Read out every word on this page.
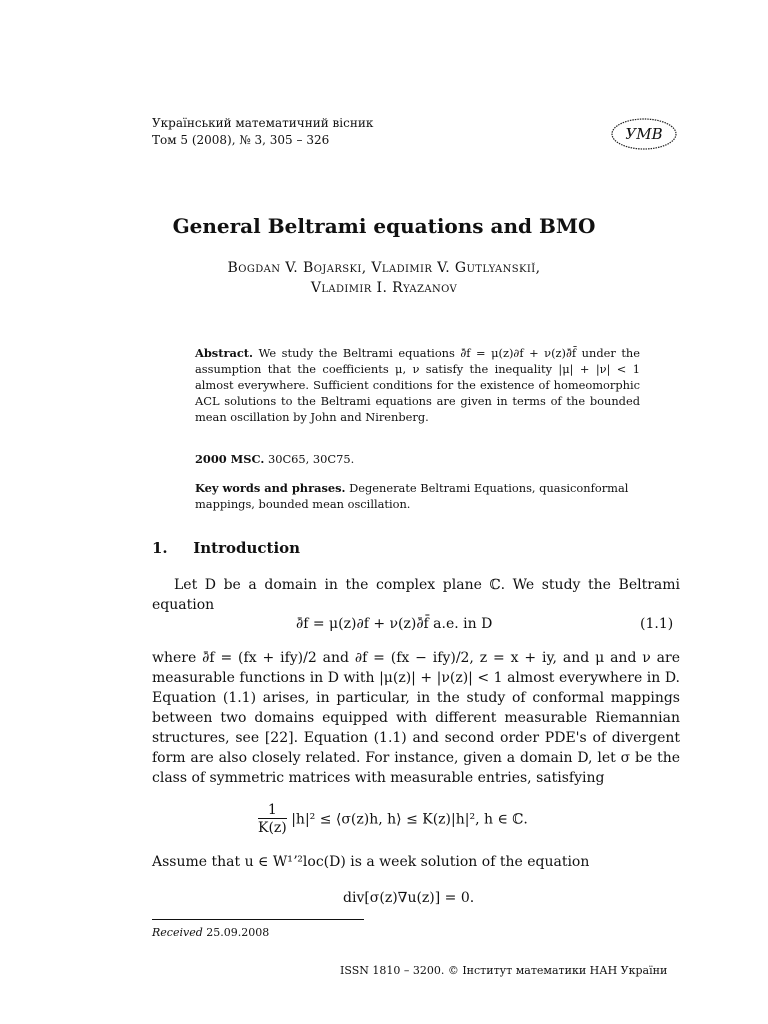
Український математичний вісник
Том 5 (2008), № 3, 305 – 326	УМВ
General Beltrami equations and BMO
Bogdan V. Bojarski, Vladimir V. Gutlyanskiĭ,
Vladimir I. Ryazanov
Abstract. We study the Beltrami equations ∂̄f = μ(z)∂f + ν(z)∂̄f̄ under the assumption that the coefficients μ, ν satisfy the inequality |μ| + |ν| < 1 almost everywhere. Sufficient conditions for the existence of homeomorphic ACL solutions to the Beltrami equations are given in terms of the bounded mean oscillation by John and Nirenberg.
2000 MSC. 30C65, 30C75.
Key words and phrases. Degenerate Beltrami Equations, quasiconformal mappings, bounded mean oscillation.
1. Introduction
Let D be a domain in the complex plane ℂ. We study the Beltrami equation
∂̄f = μ(z)∂f + ν(z)∂̄f̄ a.e. in D	(1.1)
where ∂̄f = (fx + ify)/2 and ∂f = (fx − ify)/2, z = x + iy, and μ and ν are measurable functions in D with |μ(z)| + |ν(z)| < 1 almost everywhere in D. Equation (1.1) arises, in particular, in the study of conformal mappings between two domains equipped with different measurable Riemannian structures, see [22]. Equation (1.1) and second order PDE's of divergent form are also closely related. For instance, given a domain D, let σ be the class of symmetric matrices with measurable entries, satisfying
$\frac{1}{K(z)} |h|^2$ ≤ ⟨σ(z)h, h⟩ ≤ K(z)|h|², h ∈ ℂ.
Assume that u ∈ W¹ʼ²loc(D) is a week solution of the equation
div[σ(z)∇u(z)] = 0.
Received 25.09.2008
ISSN 1810 – 3200. © Інститут математики НАН України
